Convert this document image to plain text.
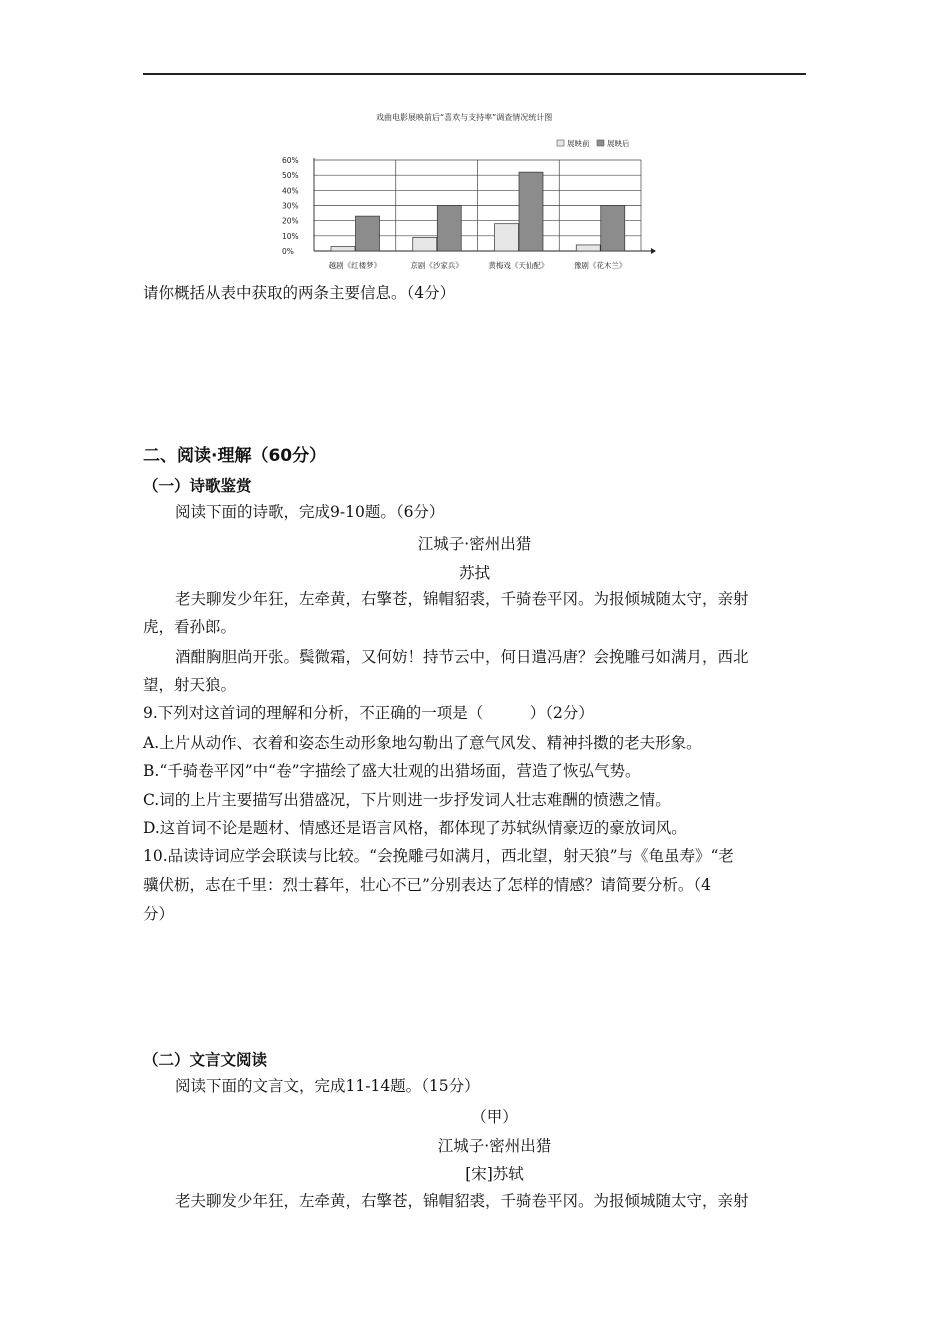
戏曲电影展映前后“喜欢与支持率”调查情况统计图
展映前 展映后
0%
10%
20%
30%
40%
50%
60%
越剧《红楼梦》	京剧《沙家兵》	黄梅戏《天仙配》	豫剧《花木兰》
请你概括从表中获取的两条主要信息。（4分）
二、阅读·理解（60分）
（一）诗歌鉴赏
阅读下面的诗歌，完成9-10题。（6分）
江城子·密州出猎
苏拭
老夫聊发少年狂，左牵黄，右擎苍，锦帽貂裘，千骑卷平冈。为报倾城随太守，亲射
虎，看孙郎。
酒酣胸胆尚开张。鬓微霜，又何妨！持节云中，何日遣冯唐？会挽雕弓如满月，西北
望，射天狼。
9.下列对这首词的理解和分析，不正确的一项是（　　　）（2分）
A.上片从动作、衣着和姿态生动形象地勾勒出了意气风发、精神抖擞的老夫形象。
B.“千骑卷平冈”中“卷”字描绘了盛大壮观的出猎场面，营造了恢弘气势。
C.词的上片主要描写出猎盛况，下片则进一步抒发词人壮志难酬的愤懑之情。
D.这首词不论是题材、情感还是语言风格，都体现了苏轼纵情豪迈的豪放词风。
10.品读诗词应学会联读与比较。“会挽雕弓如满月，西北望，射天狼”与《龟虽寿》“老
骥伏枥，志在千里：烈士暮年，壮心不已”分别表达了怎样的情感？请简要分析。（4
分）
（二）文言文阅读
阅读下面的文言文，完成11-14题。（15分）
（甲）
江城子·密州出猎
[宋]苏轼
老夫聊发少年狂，左牵黄，右擎苍，锦帽貂裘，千骑卷平冈。为报倾城随太守，亲射
